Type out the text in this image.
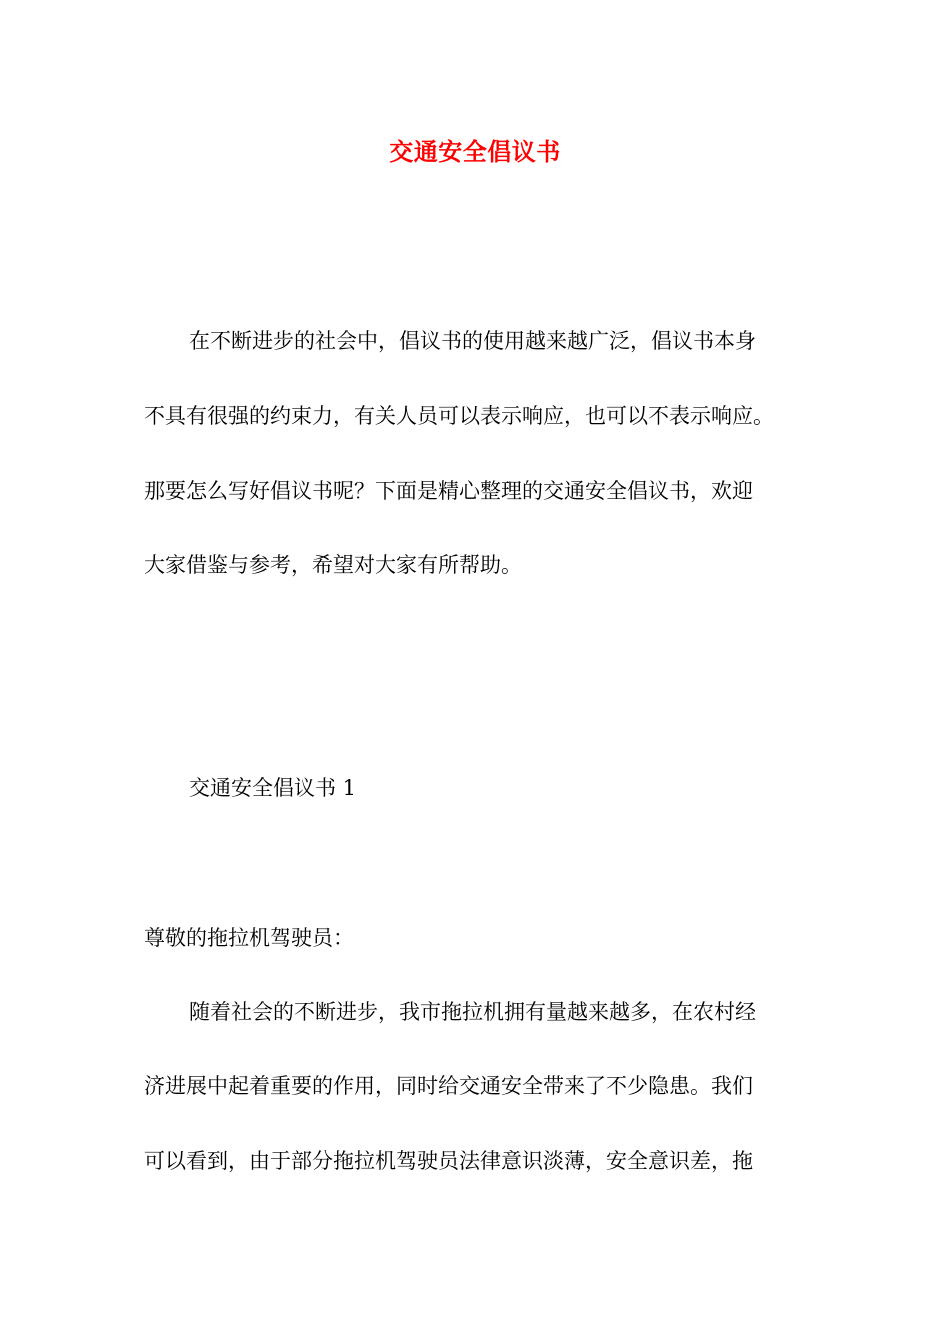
交通安全倡议书
在不断进步的社会中，倡议书的使用越来越广泛，倡议书本身
不具有很强的约束力，有关人员可以表示响应，也可以不表示响应。
那要怎么写好倡议书呢？下面是精心整理的交通安全倡议书，欢迎
大家借鉴与参考，希望对大家有所帮助。
交通安全倡议书 1
尊敬的拖拉机驾驶员：
随着社会的不断进步，我市拖拉机拥有量越来越多，在农村经
济进展中起着重要的作用，同时给交通安全带来了不少隐患。我们
可以看到，由于部分拖拉机驾驶员法律意识淡薄，安全意识差，拖
